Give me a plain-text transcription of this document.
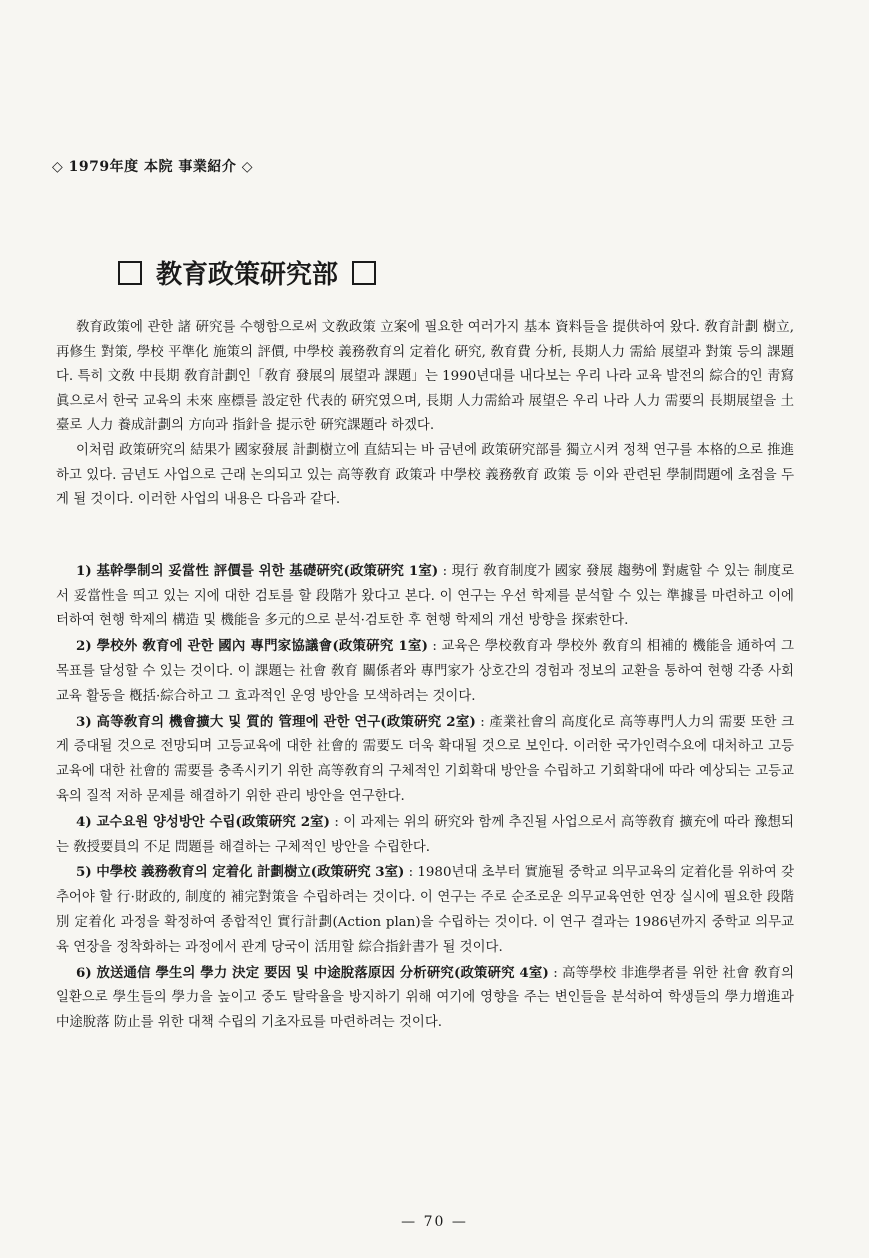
◇ 1979年度 本院 事業紹介 ◇
教育政策研究部

敎育政策에 관한 諸 硏究를 수행함으로써 文敎政策 立案에 필요한 여러가지 基本 資料들을 提供하여 왔다. 敎育計劃 樹立, 再修生 對策, 學校 平準化 施策의 評價, 中學校 義務敎育의 定着化 硏究, 敎育費 分析, 長期人力 需給 展望과 對策 등의 課題다. 특히 文敎 中長期 敎育計劃인「敎育 發展의 展望과 課題」는 1990년대를 내다보는 우리 나라 교육 발전의 綜合的인 靑寫眞으로서 한국 교육의 未來 座標를 設定한 代表的 硏究였으며, 長期 人力需給과 展望은 우리 나라 人力 需要의 長期展望을 土臺로 人力 養成計劃의 方向과 指針을 提示한 硏究課題라 하겠다.

이처럼 政策硏究의 結果가 國家發展 計劃樹立에 直結되는 바 금년에 政策硏究部를 獨立시켜 정책 연구를 本格的으로 推進하고 있다. 금년도 사업으로 근래 논의되고 있는 高等敎育 政策과 中學校 義務敎育 政策 등 이와 관련된 學制問題에 초점을 두게 될 것이다. 이러한 사업의 내용은 다음과 같다.

1) 基幹學制의 妥當性 評價를 위한 基礎硏究(政策硏究 1室) : 現行 敎育制度가 國家 發展 趨勢에 對處할 수 있는 制度로서 妥當性을 띄고 있는 지에 대한 검토를 할 段階가 왔다고 본다. 이 연구는 우선 학제를 분석할 수 있는 準據를 마련하고 이에 터하여 현행 학제의 構造 및 機能을 多元的으로 분석·검토한 후 현행 학제의 개선 방향을 探索한다.

2) 學校外 敎育에 관한 國內 專門家協議會(政策硏究 1室) : 교육은 學校敎育과 學校外 敎育의 相補的 機能을 通하여 그 목표를 달성할 수 있는 것이다. 이 課題는 社會 敎育 關係者와 專門家가 상호간의 경험과 정보의 교환을 통하여 현행 각종 사회 교육 활동을 槪括·綜合하고 그 효과적인 운영 방안을 모색하려는 것이다.

3) 高等敎育의 機會擴大 및 質的 管理에 관한 연구(政策硏究 2室) : 產業社會의 高度化로 高等專門人力의 需要 또한 크게 증대될 것으로 전망되며 고등교육에 대한 社會的 需要도 더욱 확대될 것으로 보인다. 이러한 국가인력수요에 대처하고 고등교육에 대한 社會的 需要를 충족시키기 위한 高等敎育의 구체적인 기회확대 방안을 수립하고 기회확대에 따라 예상되는 고등교육의 질적 저하 문제를 해결하기 위한 관리 방안을 연구한다.

4) 교수요원 양성방안 수립(政策硏究 2室) : 이 과제는 위의 硏究와 함께 추진될 사업으로서 高等敎育 擴充에 따라 豫想되는 敎授要員의 不足 問題를 해결하는 구체적인 방안을 수립한다.

5) 中學校 義務敎育의 定着化 計劃樹立(政策硏究 3室) : 1980년대 초부터 實施될 중학교 의무교육의 定着化를 위하여 갖추어야 할 行·財政的, 制度的 補完對策을 수립하려는 것이다. 이 연구는 주로 순조로운 의무교육연한 연장 실시에 필요한 段階別 定着化 과정을 확정하여 종합적인 實行計劃(Action plan)을 수립하는 것이다. 이 연구 결과는 1986년까지 중학교 의무교육 연장을 정착화하는 과정에서 관계 당국이 活用할 綜合指針書가 될 것이다.

6) 放送通信 學生의 學力 決定 要因 및 中途脫落原因 分析硏究(政策硏究 4室) : 高等學校 非進學者를 위한 社會 敎育의 일환으로 學生들의 學力을 높이고 중도 탈락율을 방지하기 위해 여기에 영향을 주는 변인들을 분석하여 학생들의 學力增進과 中途脫落 防止를 위한 대책 수립의 기초자료를 마련하려는 것이다.

— 70 —
